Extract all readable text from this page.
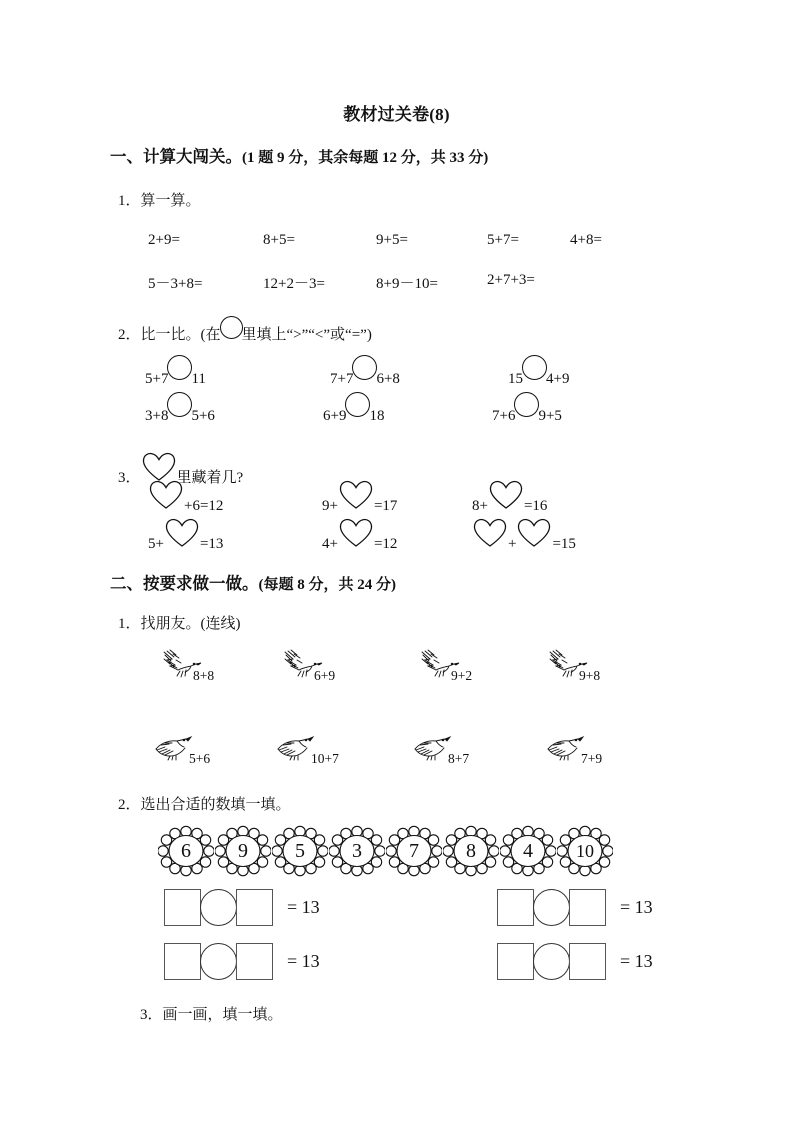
教材过关卷(8)
一、计算大闯关。(1 题 9 分，其余每题 12 分，共 33 分)
1．算一算。
2+9=	8+5=	9+5=	5+7=	4+8=
5－3+8=	12+2－3=	8+9－10=	2+7+3=
2．比一比。(在 里填上“>”“<”或“=”)
5+7 11	7+7 6+8	15 4+9
3+8 5+6	6+9 18	7+6 9+5
3． 里藏着几?
+6=12	9+ =17	8+ =16
5+ =13	4+ =12	+ =15
二、按要求做一做。(每题 8 分，共 24 分)
1．找朋友。(连线)
8+8	6+9	9+2	9+8
5+6	10+7	8+7	7+9
2．选出合适的数填一填。
6	9	5	3	7	8	4	10
= 13
= 13
= 13
= 13
3．画一画，填一填。
